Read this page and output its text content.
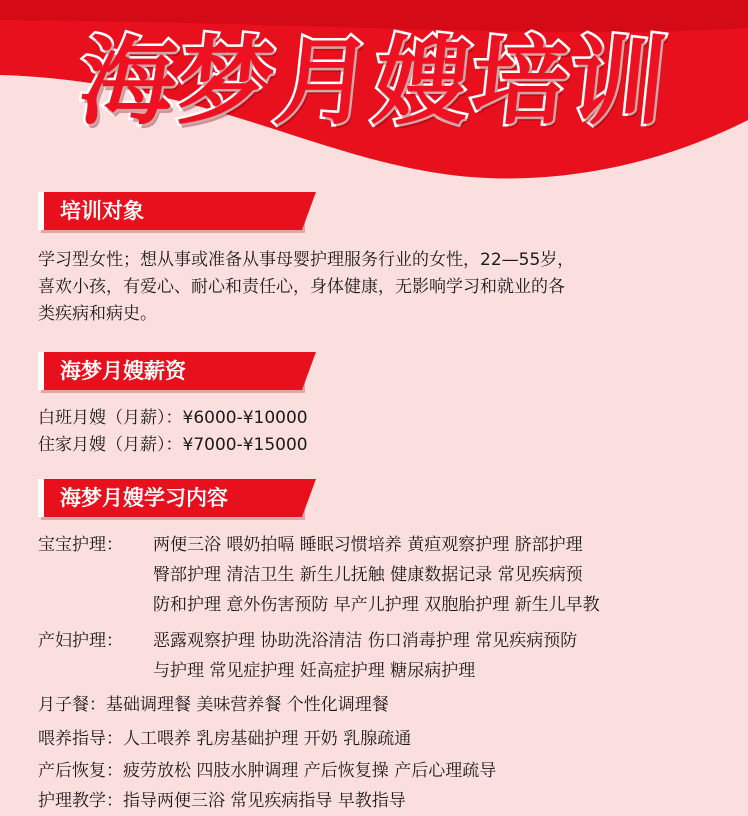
海梦月嫂培训
培训对象
学习型女性；想从事或准备从事母婴护理服务行业的女性，22—55岁，
喜欢小孩，有爱心、耐心和责任心，身体健康，无影响学习和就业的各
类疾病和病史。
海梦月嫂薪资
白班月嫂（月薪）：¥6000-¥10000
住家月嫂（月薪）：¥7000-¥15000
海梦月嫂学习内容
宝宝护理： 两便三浴 喂奶拍嗝 睡眠习惯培养 黄疸观察护理 脐部护理
臀部护理 清洁卫生 新生儿抚触 健康数据记录 常见疾病预
防和护理 意外伤害预防 早产儿护理 双胞胎护理 新生儿早教
产妇护理： 恶露观察护理 协助洗浴清洁 伤口消毒护理 常见疾病预防
与护理 常见症护理 妊高症护理 糖尿病护理
月子餐： 基础调理餐 美味营养餐 个性化调理餐
喂养指导： 人工喂养 乳房基础护理 开奶 乳腺疏通
产后恢复： 疲劳放松 四肢水肿调理 产后恢复操 产后心理疏导
护理教学： 指导两便三浴 常见疾病指导 早教指导
